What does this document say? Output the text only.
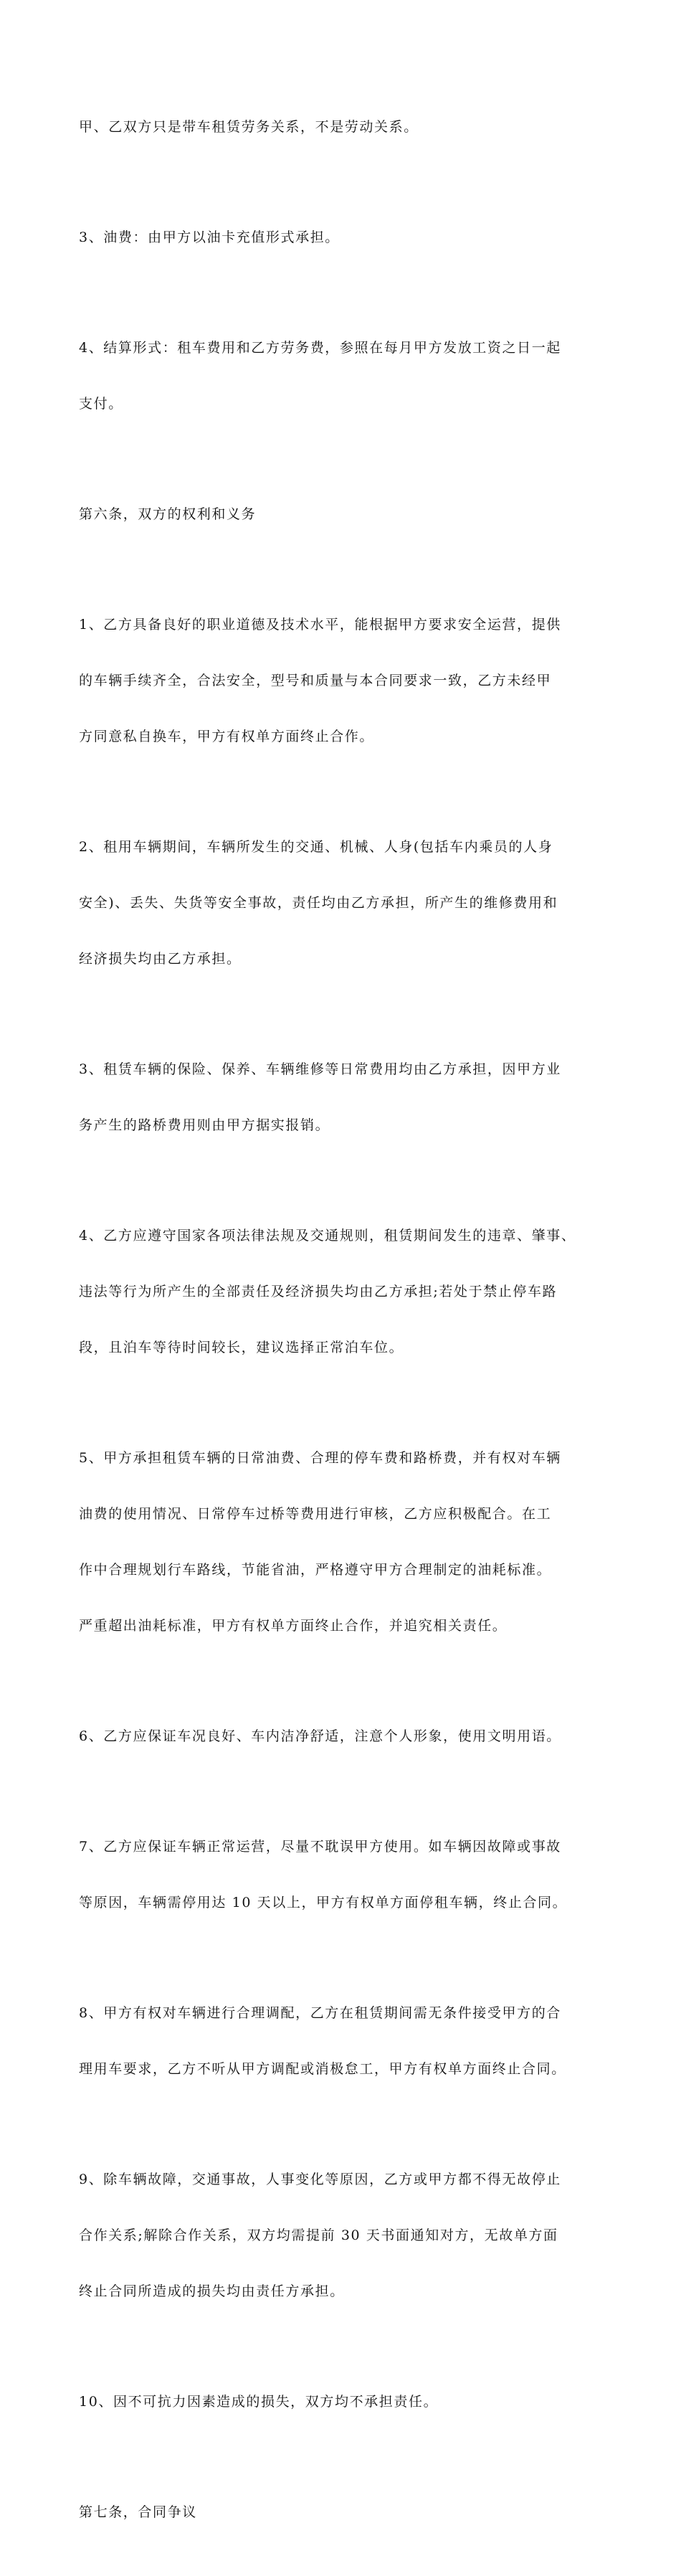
甲、乙双方只是带车租赁劳务关系，不是劳动关系。

3、油费：由甲方以油卡充值形式承担。

4、结算形式：租车费用和乙方劳务费，参照在每月甲方发放工资之日一起

支付。

第六条，双方的权利和义务

1、乙方具备良好的职业道德及技术水平，能根据甲方要求安全运营，提供

的车辆手续齐全，合法安全，型号和质量与本合同要求一致，乙方未经甲

方同意私自换车，甲方有权单方面终止合作。

2、租用车辆期间，车辆所发生的交通、机械、人身(包括车内乘员的人身

安全)、丢失、失货等安全事故，责任均由乙方承担，所产生的维修费用和

经济损失均由乙方承担。

3、租赁车辆的保险、保养、车辆维修等日常费用均由乙方承担，因甲方业

务产生的路桥费用则由甲方据实报销。

4、乙方应遵守国家各项法律法规及交通规则，租赁期间发生的违章、肇事、

违法等行为所产生的全部责任及经济损失均由乙方承担;若处于禁止停车路

段，且泊车等待时间较长，建议选择正常泊车位。

5、甲方承担租赁车辆的日常油费、合理的停车费和路桥费，并有权对车辆

油费的使用情况、日常停车过桥等费用进行审核，乙方应积极配合。在工

作中合理规划行车路线，节能省油，严格遵守甲方合理制定的油耗标准。

严重超出油耗标准，甲方有权单方面终止合作，并追究相关责任。

6、乙方应保证车况良好、车内洁净舒适，注意个人形象，使用文明用语。

7、乙方应保证车辆正常运营，尽量不耽误甲方使用。如车辆因故障或事故

等原因，车辆需停用达 10 天以上，甲方有权单方面停租车辆，终止合同。

8、甲方有权对车辆进行合理调配，乙方在租赁期间需无条件接受甲方的合

理用车要求，乙方不听从甲方调配或消极怠工，甲方有权单方面终止合同。

9、除车辆故障，交通事故，人事变化等原因，乙方或甲方都不得无故停止

合作关系;解除合作关系，双方均需提前 30 天书面通知对方，无故单方面

终止合同所造成的损失均由责任方承担。

10、因不可抗力因素造成的损失，双方均不承担责任。

第七条，合同争议
